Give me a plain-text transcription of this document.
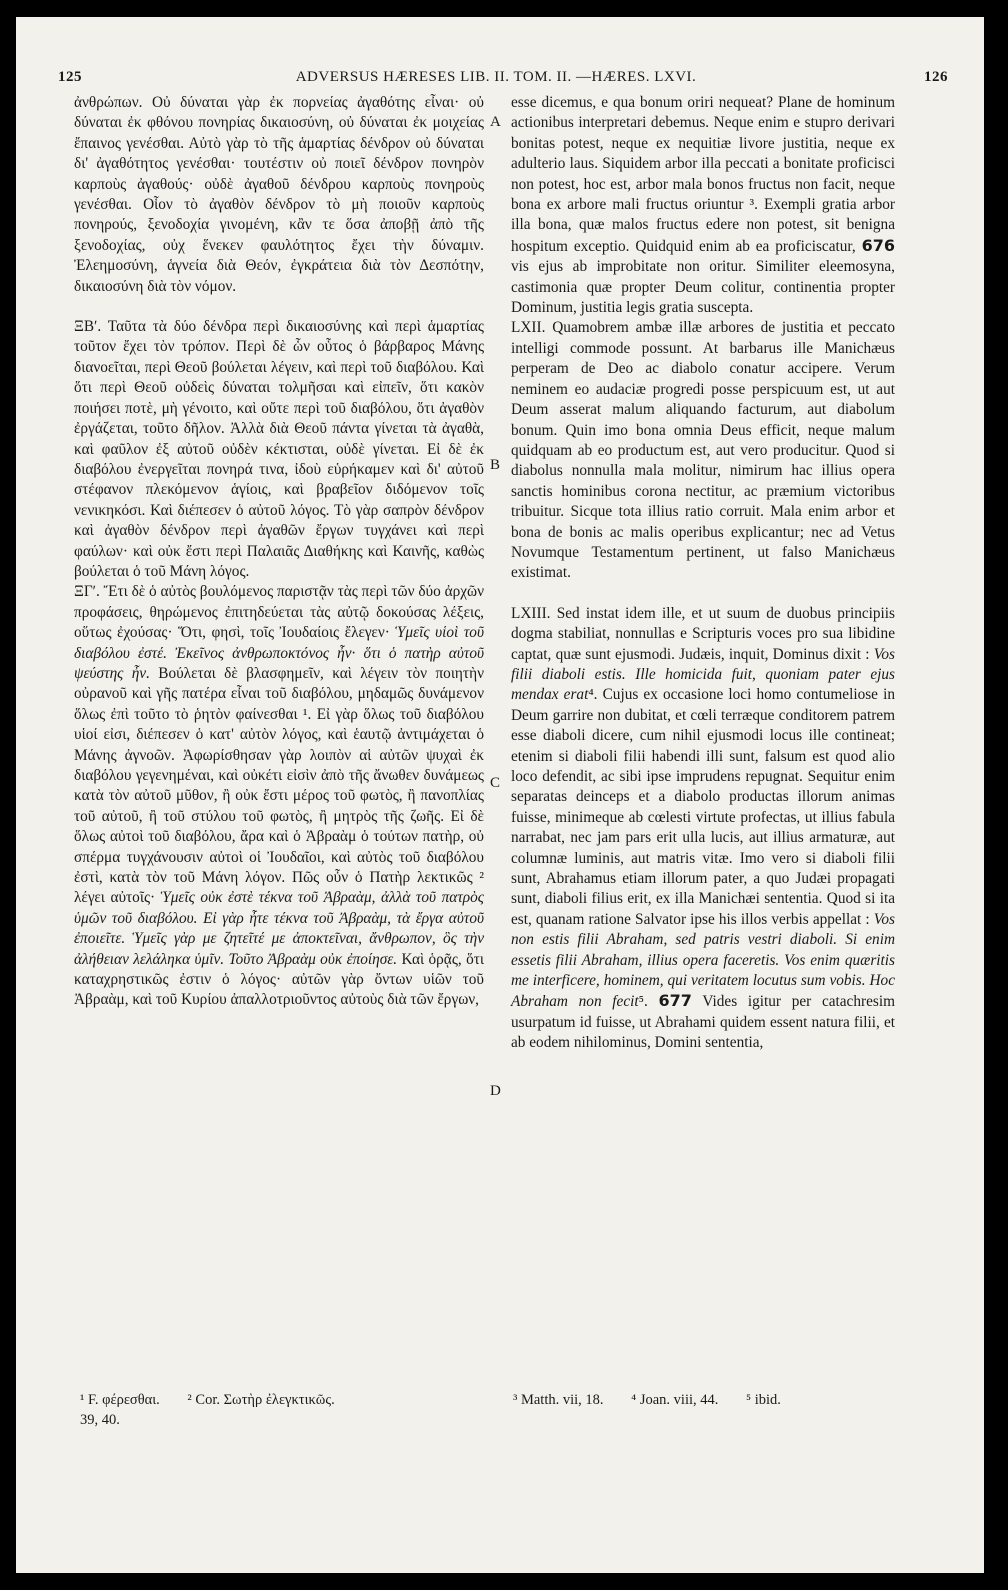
125	ADVERSUS HÆRESES LIB. II. TOM. II. —HÆRES. LXVI.	126

ἀνθρώπων. Οὐ δύναται γὰρ ἐκ πορνείας ἀγαθότης εἶναι· οὐ δύναται ἐκ φθόνου πονηρίας δικαιοσύνη, οὐ δύναται ἐκ μοιχείας ἔπαινος γενέσθαι. Αὐτὸ γὰρ τὸ τῆς ἁμαρτίας δένδρον οὐ δύναται δι' ἀγαθότητος γενέσθαι· τουτέστιν οὐ ποιεῖ δένδρον πονηρὸν καρποὺς ἀγαθούς· οὐδὲ ἀγαθοῦ δένδρου καρποὺς πονηροὺς γενέσθαι. Οἷον τὸ ἀγαθὸν δένδρον τὸ μὴ ποιοῦν καρποὺς πονηρούς, ξενοδοχία γινομένη, κἂν τε ὅσα ἀποβῇ ἀπὸ τῆς ξενοδοχίας, οὐχ ἕνεκεν φαυλότητος ἔχει τὴν δύναμιν. Ἐλεημοσύνη, ἁγνεία διὰ Θεόν, ἐγκράτεια διὰ τὸν Δεσπότην, δικαιοσύνη διὰ τὸν νόμον.

ΞΒʹ. Ταῦτα τὰ δύο δένδρα περὶ δικαιοσύνης καὶ περὶ ἁμαρτίας τοῦτον ἔχει τὸν τρόπον. Περὶ δὲ ὧν οὗτος ὁ βάρβαρος Μάνης διανοεῖται, περὶ Θεοῦ βούλεται λέγειν, καὶ περὶ τοῦ διαβόλου. Καὶ ὅτι περὶ Θεοῦ οὐδεὶς δύναται τολμῆσαι καὶ εἰπεῖν, ὅτι κακὸν ποιήσει ποτὲ, μὴ γένοιτο, καὶ οὔτε περὶ τοῦ διαβόλου, ὅτι ἀγαθὸν ἐργάζεται, τοῦτο δῆλον. Ἀλλὰ διὰ Θεοῦ πάντα γίνεται τὰ ἀγαθὰ, καὶ φαῦλον ἐξ αὐτοῦ οὐδὲν κέκτισται, οὐδὲ γίνεται. Εἰ δὲ ἐκ διαβόλου ἐνεργεῖται πονηρά τινα, ἰδοὺ εὑρήκαμεν καὶ δι' αὐτοῦ στέφανον πλεκόμενον ἁγίοις, καὶ βραβεῖον διδόμενον τοῖς νενικηκόσι. Καὶ διέπεσεν ὁ αὐτοῦ λόγος. Τὸ γὰρ σαπρὸν δένδρον καὶ ἀγαθὸν δένδρον περὶ ἀγαθῶν ἔργων τυγχάνει καὶ περὶ φαύλων· καὶ οὐκ ἔστι περὶ Παλαιᾶς Διαθήκης καὶ Καινῆς, καθὼς βούλεται ὁ τοῦ Μάνη λόγος.

ΞΓʹ. Ἔτι δὲ ὁ αὐτὸς βουλόμενος παριστᾷν τὰς περὶ τῶν δύο ἀρχῶν προφάσεις, θηρώμενος ἐπιτηδεύεται τὰς αὐτῷ δοκούσας λέξεις, οὕτως ἐχούσας· Ὅτι, φησὶ, τοῖς Ἰουδαίοις ἔλεγεν· Ὑμεῖς υἱοὶ τοῦ διαβόλου ἐστέ. Ἐκεῖνος ἀνθρωποκτόνος ἦν· ὅτι ὁ πατὴρ αὐτοῦ ψεύστης ἦν. Βούλεται δὲ βλασφημεῖν, καὶ λέγειν τὸν ποιητὴν οὐρανοῦ καὶ γῆς πατέρα εἶναι τοῦ διαβόλου, μηδαμῶς δυνάμενον ὅλως ἐπὶ τοῦτο τὸ ῥητὸν φαίνεσθαι ¹. Εἰ γὰρ ὅλως τοῦ διαβόλου υἱοί εἰσι, διέπεσεν ὁ κατ' αὐτὸν λόγος, καὶ ἑαυτῷ ἀντιμάχεται ὁ Μάνης ἀγνοῶν. Ἀφωρίσθησαν γὰρ λοιπὸν αἱ αὐτῶν ψυχαὶ ἐκ διαβόλου γεγενημέναι, καὶ οὐκέτι εἰσὶν ἀπὸ τῆς ἄνωθεν δυνάμεως κατὰ τὸν αὐτοῦ μῦθον, ἢ οὐκ ἔστι μέρος τοῦ φωτὸς, ἢ πανοπλίας τοῦ αὐτοῦ, ἢ τοῦ στύλου τοῦ φωτὸς, ἢ μητρὸς τῆς ζωῆς. Εἰ δὲ ὅλως αὐτοὶ τοῦ διαβόλου, ἄρα καὶ ὁ Ἀβραὰμ ὁ τούτων πατὴρ, οὐ σπέρμα τυγχάνουσιν αὐτοὶ οἱ Ἰουδαῖοι, καὶ αὐτὸς τοῦ διαβόλου ἐστὶ, κατὰ τὸν τοῦ Μάνη λόγον. Πῶς οὖν ὁ Πατὴρ λεκτικῶς ² λέγει αὐτοῖς· Ὑμεῖς οὐκ ἐστὲ τέκνα τοῦ Ἀβραὰμ, ἀλλὰ τοῦ πατρὸς ὑμῶν τοῦ διαβόλου. Εἰ γὰρ ἦτε τέκνα τοῦ Ἀβραὰμ, τὰ ἔργα αὐτοῦ ἐποιεῖτε. Ὑμεῖς γὰρ με ζητεῖτέ με ἀποκτεῖναι, ἄνθρωπον, ὃς τὴν ἀλήθειαν λελάληκα ὑμῖν. Τοῦτο Ἀβραὰμ οὐκ ἐποίησε. Καὶ ὁρᾷς, ὅτι καταχρηστικῶς ἐστιν ὁ λόγος· αὐτῶν γὰρ ὄντων υἱῶν τοῦ Ἀβραὰμ, καὶ τοῦ Κυρίου ἀπαλλοτριοῦντος αὐτοὺς διὰ τῶν ἔργων,

A
B
C
D

esse dicemus, e qua bonum oriri nequeat? Plane de hominum actionibus interpretari debemus. Neque enim e stupro derivari bonitas potest, neque ex nequitiæ livore justitia, neque ex adulterio laus. Siquidem arbor illa peccati a bonitate proficisci non potest, hoc est, arbor mala bonos fructus non facit, neque bona ex arbore mali fructus oriuntur ³. Exempli gratia arbor illa bona, quæ malos fructus edere non potest, sit benigna hospitum exceptio. Quidquid enim ab ea proficiscatur, 676 vis ejus ab improbitate non oritur. Similiter eleemosyna, castimonia quæ propter Deum colitur, continentia propter Dominum, justitia legis gratia suscepta.

LXII. Quamobrem ambæ illæ arbores de justitia et peccato intelligi commode possunt. At barbarus ille Manichæus perperam de Deo ac diabolo conatur accipere. Verum neminem eo audaciæ progredi posse perspicuum est, ut aut Deum asserat malum aliquando facturum, aut diabolum bonum. Quin imo bona omnia Deus efficit, neque malum quidquam ab eo productum est, aut vero producitur. Quod si diabolus nonnulla mala molitur, nimirum hac illius opera sanctis hominibus corona nectitur, ac præmium victoribus tribuitur. Sicque tota illius ratio corruit. Mala enim arbor et bona de bonis ac malis operibus explicantur; nec ad Vetus Novumque Testamentum pertinent, ut falso Manichæus existimat.

LXIII. Sed instat idem ille, et ut suum de duobus principiis dogma stabiliat, nonnullas e Scripturis voces pro sua libidine captat, quæ sunt ejusmodi. Judæis, inquit, Dominus dixit : Vos filii diaboli estis. Ille homicida fuit, quoniam pater ejus mendax erat⁴. Cujus ex occasione loci homo contumeliose in Deum garrire non dubitat, et cœli terræque conditorem patrem esse diaboli dicere, cum nihil ejusmodi locus ille contineat; etenim si diaboli filii habendi illi sunt, falsum est quod alio loco defendit, ac sibi ipse imprudens repugnat. Sequitur enim separatas deinceps et a diabolo productas illorum animas fuisse, minimeque ab cœlesti virtute profectas, ut illius fabula narrabat, nec jam pars erit ulla lucis, aut illius armaturæ, aut columnæ luminis, aut matris vitæ. Imo vero si diaboli filii sunt, Abrahamus etiam illorum pater, a quo Judæi propagati sunt, diaboli filius erit, ex illa Manichæi sententia. Quod si ita est, quanam ratione Salvator ipse his illos verbis appellat : Vos non estis filii Abraham, sed patris vestri diaboli. Si enim essetis filii Abraham, illius opera faceretis. Vos enim quæritis me interficere, hominem, qui veritatem locutus sum vobis. Hoc Abraham non fecit⁵. 677 Vides igitur per catachresim usurpatum id fuisse, ut Abrahami quidem essent natura filii, et ab eodem nihilominus, Domini sententia,

¹ F. φέρεσθαι. ² Cor. Σωτὴρ ἐλεγκτικῶς.
39, 40.
³ Matth. vii, 18. ⁴ Joan. viii, 44. ⁵ ibid.
